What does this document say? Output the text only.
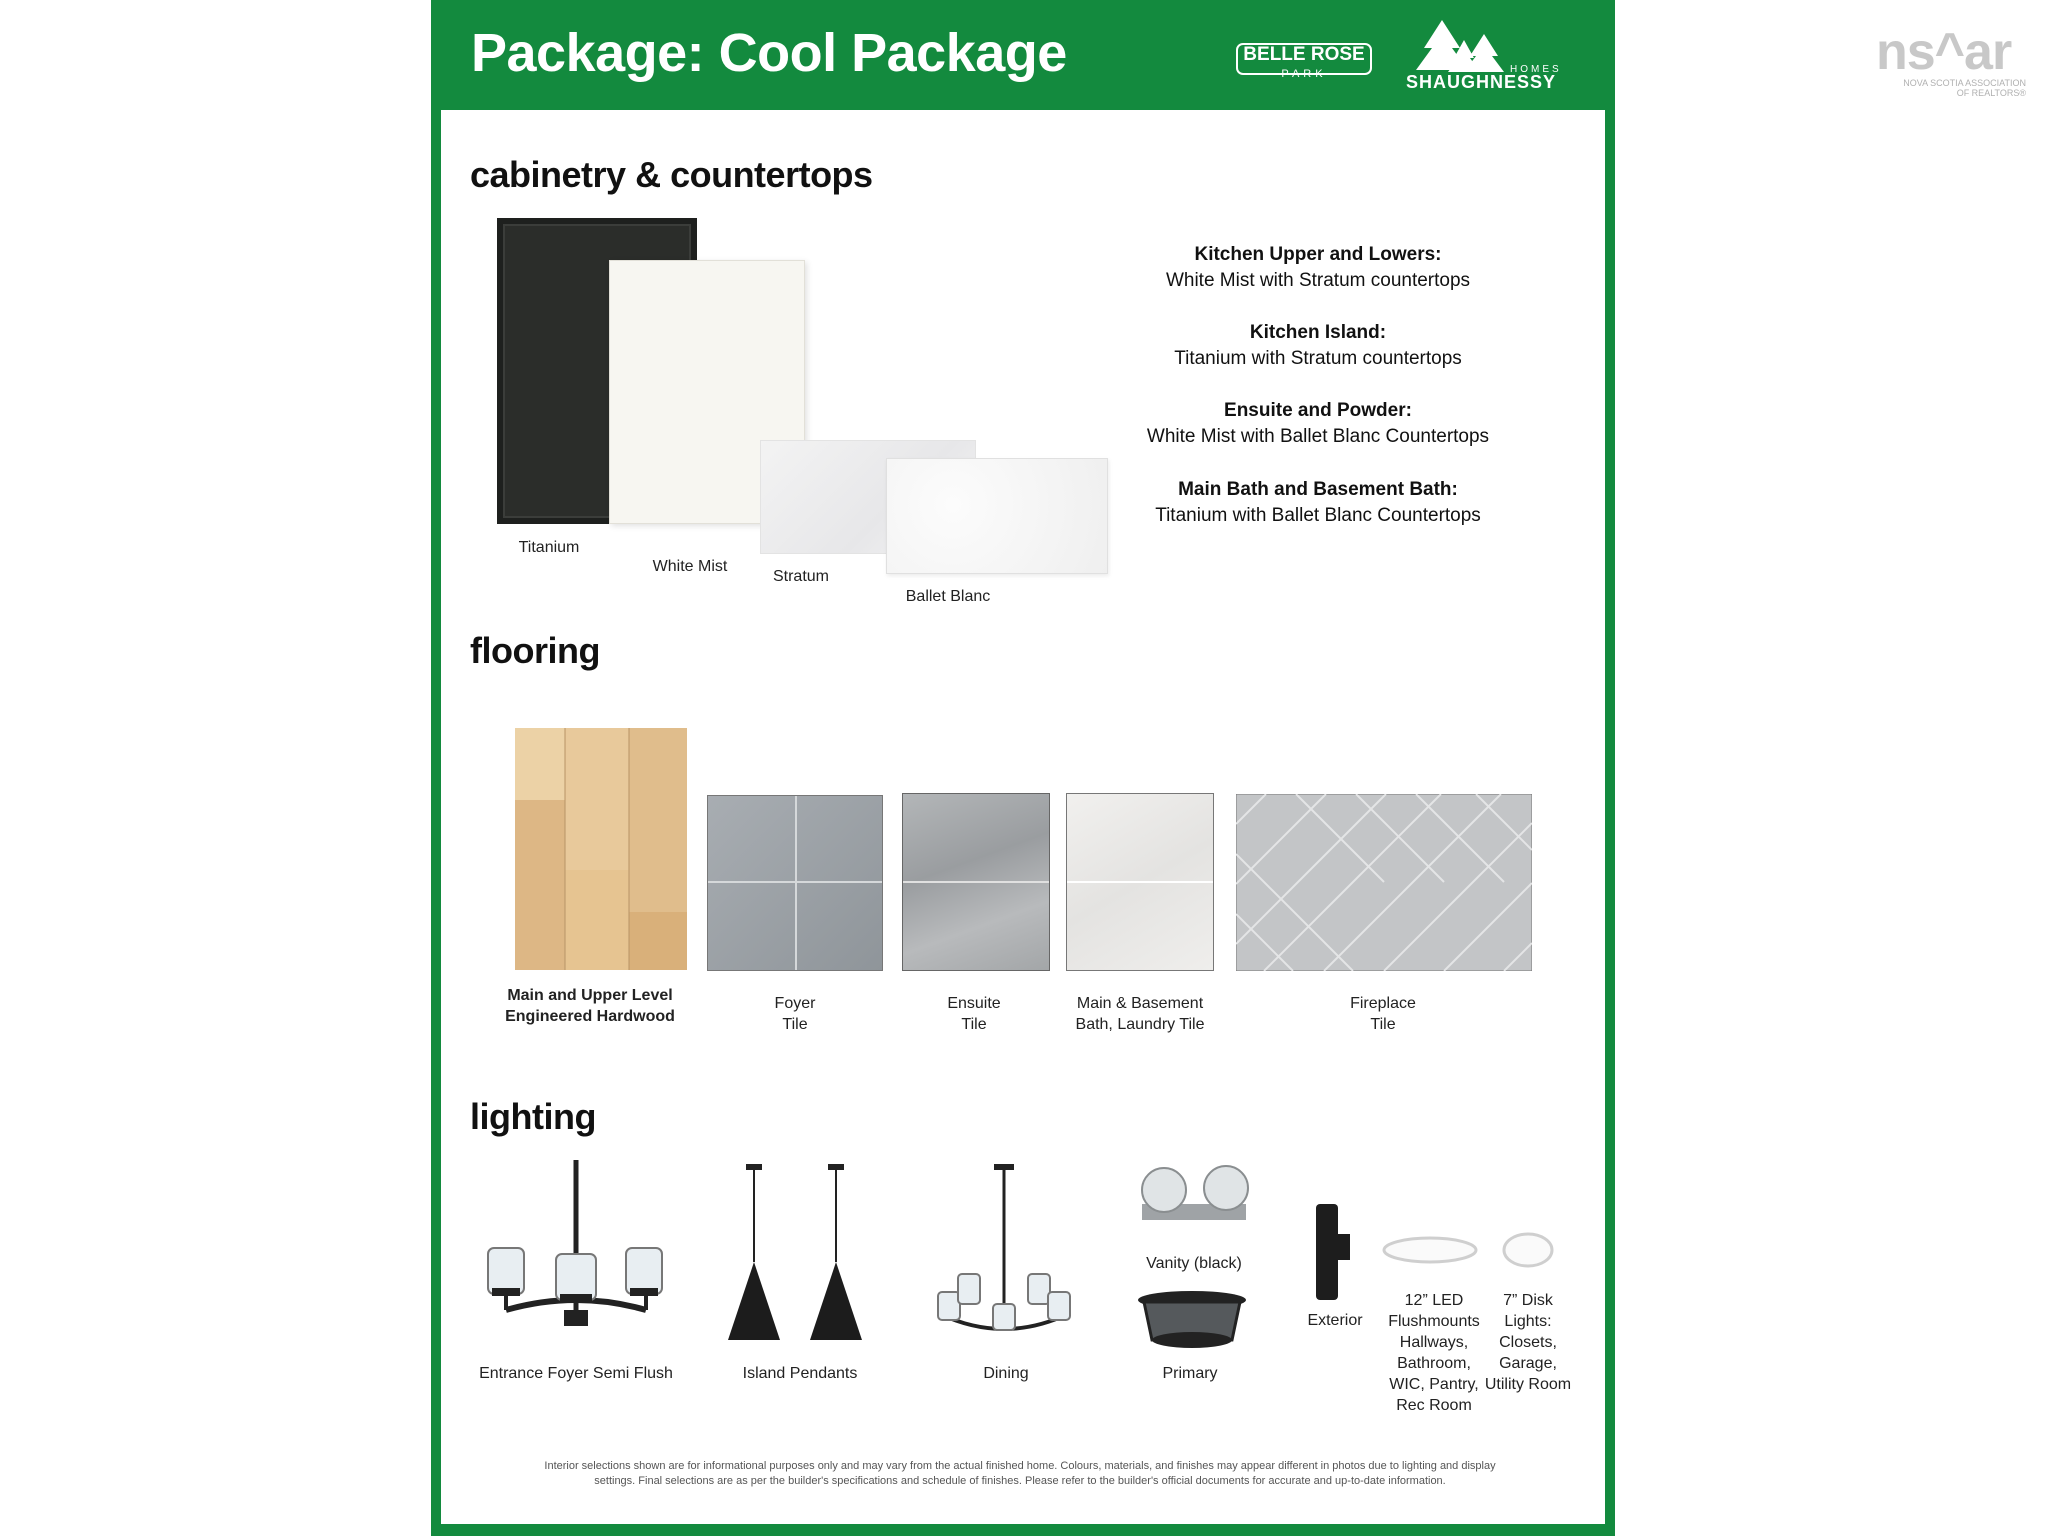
ns^ar
NOVA SCOTIA ASSOCIATION
OF REALTORS®
Package: Cool Package	BELLE ROSE
PARK	HOMES
SHAUGHNESSY
cabinetry & countertops
Titanium
White Mist
Stratum
Ballet Blanc
Kitchen Upper and Lowers:
White Mist with Stratum countertops
Kitchen Island:
Titanium with Stratum countertops
Ensuite and Powder:
White Mist with Ballet Blanc Countertops
Main Bath and Basement Bath:
Titanium with Ballet Blanc Countertops
flooring
Main and Upper Level
Engineered Hardwood
Foyer
Tile
Ensuite
Tile
Main & Basement
Bath, Laundry Tile
Fireplace
Tile
lighting
Vanity (black)
Entrance Foyer Semi Flush	Island Pendants	Dining	Primary
Exterior
12” LED
Flushmounts
Hallways,
Bathroom,
WIC, Pantry,
Rec Room
7” Disk
Lights:
Closets,
Garage,
Utility Room
Interior selections shown are for informational purposes only and may vary from the actual finished home. Colours, materials, and finishes may appear different in photos due to lighting and display
settings. Final selections are as per the builder's specifications and schedule of finishes. Please refer to the builder's official documents for accurate and up-to-date information.
